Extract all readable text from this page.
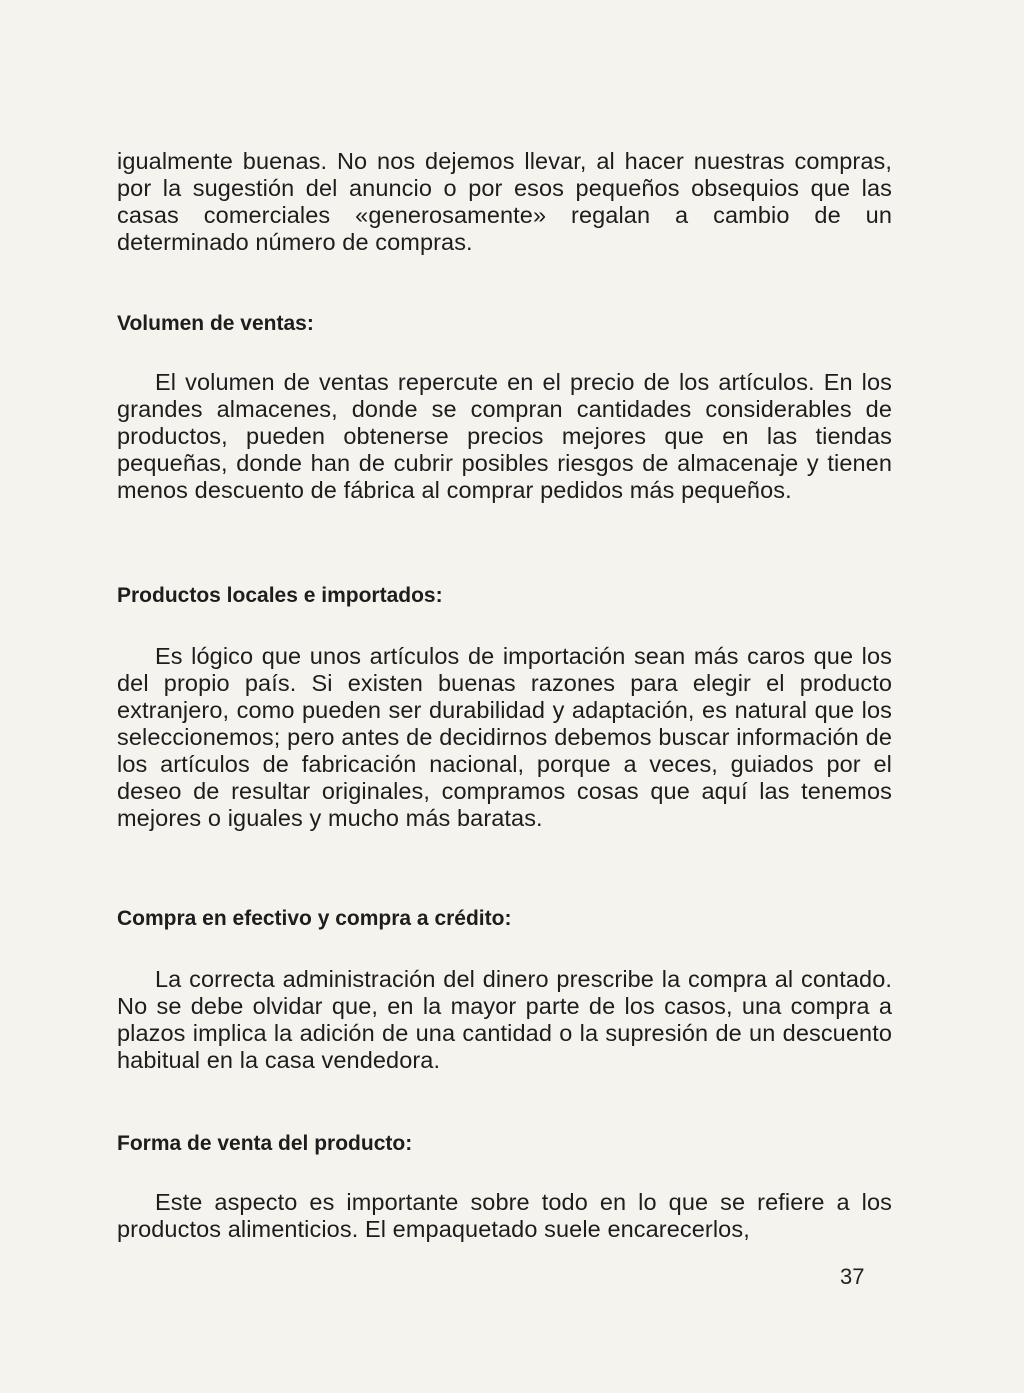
igualmente buenas. No nos dejemos llevar, al hacer nuestras compras, por la sugestión del anuncio o por esos pequeños obsequios que las casas comerciales «generosamente» regalan a cambio de un determinado número de compras.

Volumen de ventas:

El volumen de ventas repercute en el precio de los artículos. En los grandes almacenes, donde se compran cantidades considerables de productos, pueden obtenerse precios mejores que en las tiendas pequeñas, donde han de cubrir posibles riesgos de almacenaje y tienen menos descuento de fábrica al comprar pedidos más pequeños.

Productos locales e importados:

Es lógico que unos artículos de importación sean más caros que los del propio país. Si existen buenas razones para elegir el producto extranjero, como pueden ser durabilidad y adaptación, es natural que los seleccionemos; pero antes de decidirnos debemos buscar información de los artículos de fabricación nacional, porque a veces, guiados por el deseo de resultar originales, compramos cosas que aquí las tenemos mejores o iguales y mucho más baratas.

Compra en efectivo y compra a crédito:

La correcta administración del dinero prescribe la compra al contado. No se debe olvidar que, en la mayor parte de los casos, una compra a plazos implica la adición de una cantidad o la supresión de un descuento habitual en la casa vendedora.

Forma de venta del producto:

Este aspecto es importante sobre todo en lo que se refiere a los productos alimenticios. El empaquetado suele encarecerlos,

37
